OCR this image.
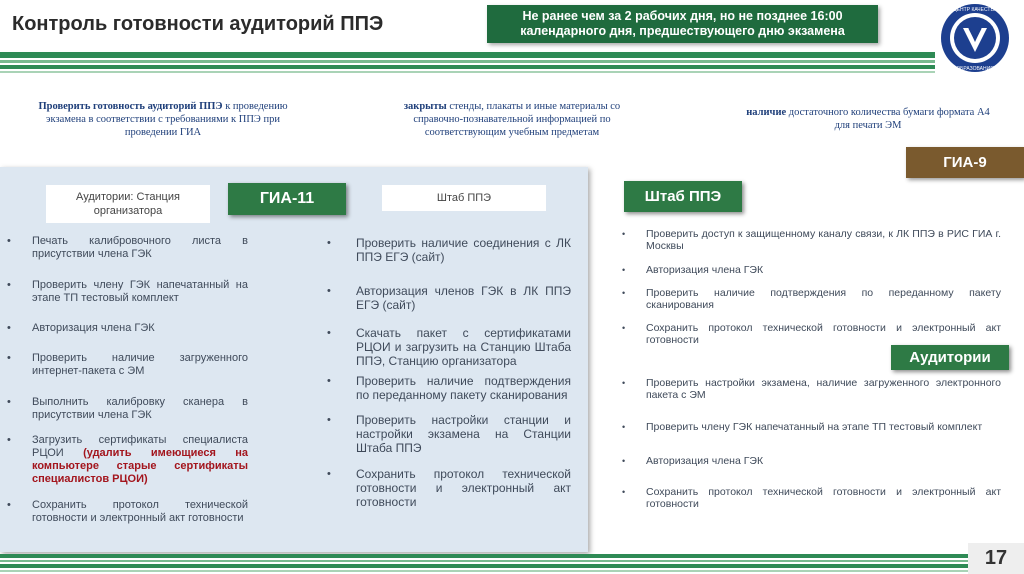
Контроль готовности аудиторий ППЭ	Не ранее чем за 2 рабочих дня, но не позднее 16:00 календарного дня, предшествующего дню экзамена
ЦЕНТР КАЧЕСТВА
ОБРАЗОВАНИЯ
Проверить готовность аудиторий ППЭ к проведению экзамена в соответствии с требованиями к ППЭ при проведении ГИА
закрыты стенды, плакаты и иные материалы со справочно-познавательной информацией по соответствующим учебным предметам
наличие достаточного количества бумаги формата А4 для печати ЭМ
Аудитории: Станция организатора
ГИА-11	Штаб ППЭ
• Печать калибровочного листа в присутствии члена ГЭК
• Проверить члену ГЭК напечатанный на этапе ТП тестовый комплект
• Авторизация члена ГЭК
• Проверить наличие загруженного интернет-пакета с ЭМ
• Выполнить калибровку сканера в присутствии члена ГЭК
• Загрузить сертификаты специалиста РЦОИ (удалить имеющиеся на компьютере старые сертификаты специалистов РЦОИ)
• Сохранить протокол технической готовности и электронный акт готовности
• Проверить наличие соединения с ЛК ППЭ ЕГЭ (сайт)
• Авторизация членов ГЭК в ЛК ППЭ ЕГЭ (сайт)
• Скачать пакет с сертификатами РЦОИ и загрузить на Станцию Штаба ППЭ, Станцию организатора
• Проверить наличие подтверждения по переданному пакету сканирования
• Проверить настройки станции и настройки экзамена на Станции Штаба ППЭ
• Сохранить протокол технической готовности и электронный акт готовности
ГИА-9
Штаб ППЭ
• Проверить доступ к защищенному каналу связи, к ЛК ППЭ в РИС ГИА г. Москвы
• Авторизация члена ГЭК
• Проверить наличие подтверждения по переданному пакету сканирования
• Сохранить протокол технической готовности и электронный акт готовности
Аудитории
• Проверить настройки экзамена, наличие загруженного электронного пакета с ЭМ
• Проверить члену ГЭК напечатанный на этапе ТП тестовый комплект
• Авторизация члена ГЭК
• Сохранить протокол технической готовности и электронный акт готовности
17
